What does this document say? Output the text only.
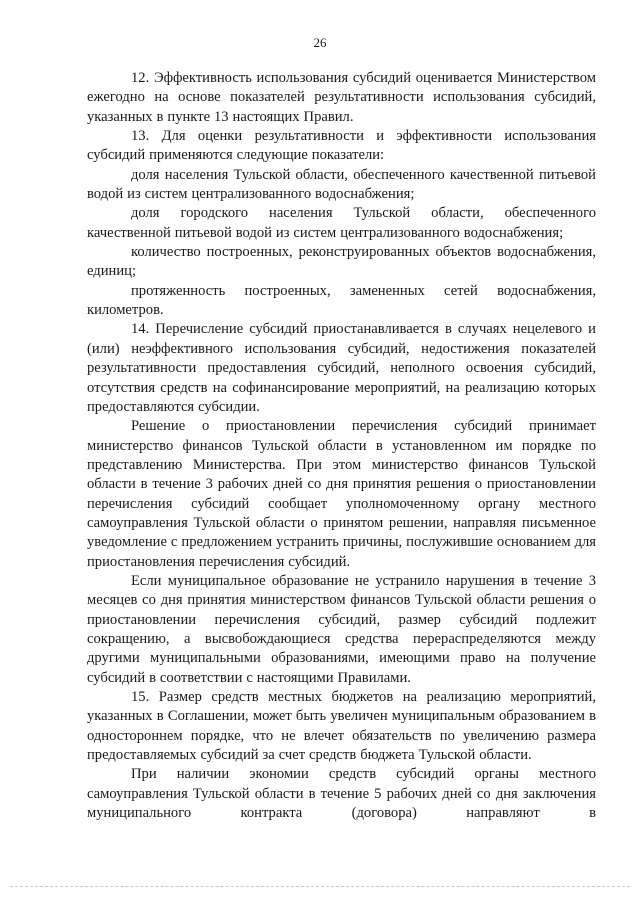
26

12. Эффективность использования субсидий оценивается Министерством ежегодно на основе показателей результативности использования субсидий, указанных в пункте 13 настоящих Правил.

13. Для оценки результативности и эффективности использования субсидий применяются следующие показатели:

доля населения Тульской области, обеспеченного качественной питьевой водой из систем централизованного водоснабжения;

доля городского населения Тульской области, обеспеченного качественной питьевой водой из систем централизованного водоснабжения;

количество построенных, реконструированных объектов водоснабжения, единиц;

протяженность построенных, замененных сетей водоснабжения, километров.

14. Перечисление субсидий приостанавливается в случаях нецелевого и (или) неэффективного использования субсидий, недостижения показателей результативности предоставления субсидий, неполного освоения субсидий, отсутствия средств на софинансирование мероприятий, на реализацию которых предоставляются субсидии.

Решение о приостановлении перечисления субсидий принимает министерство финансов Тульской области в установленном им порядке по представлению Министерства. При этом министерство финансов Тульской области в течение 3 рабочих дней со дня принятия решения о приостановлении перечисления субсидий сообщает уполномоченному органу местного самоуправления Тульской области о принятом решении, направляя письменное уведомление с предложением устранить причины, послужившие основанием для приостановления перечисления субсидий.

Если муниципальное образование не устранило нарушения в течение 3 месяцев со дня принятия министерством финансов Тульской области решения о приостановлении перечисления субсидий, размер субсидий подлежит сокращению, а высвобождающиеся средства перераспределяются между другими муниципальными образованиями, имеющими право на получение субсидий в соответствии с настоящими Правилами.

15. Размер средств местных бюджетов на реализацию мероприятий, указанных в Соглашении, может быть увеличен муниципальным образованием в одностороннем порядке, что не влечет обязательств по увеличению размера предоставляемых субсидий за счет средств бюджета Тульской области.

При наличии экономии средств субсидий органы местного самоуправления Тульской области в течение 5 рабочих дней со дня заключения муниципального контракта (договора) направляют в
